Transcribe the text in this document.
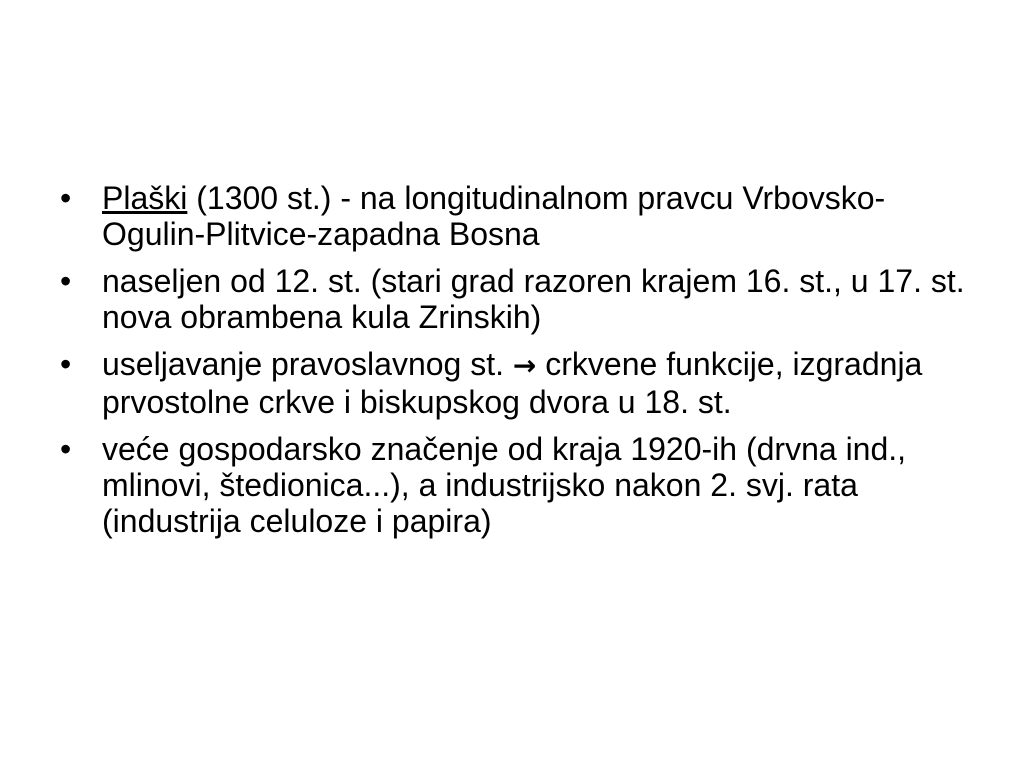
• Plaški (1300 st.) - na longitudinalnom pravcu Vrbovsko-Ogulin-Plitvice-zapadna Bosna
• naseljen od 12. st. (stari grad razoren krajem 16. st., u 17. st. nova obrambena kula Zrinskih)
• useljavanje pravoslavnog st. → crkvene funkcije, izgradnja prvostolne crkve i biskupskog dvora u 18. st.
• veće gospodarsko značenje od kraja 1920-ih (drvna ind., mlinovi, štedionica...), a industrijsko nakon 2. svj. rata (industrija celuloze i papira)
